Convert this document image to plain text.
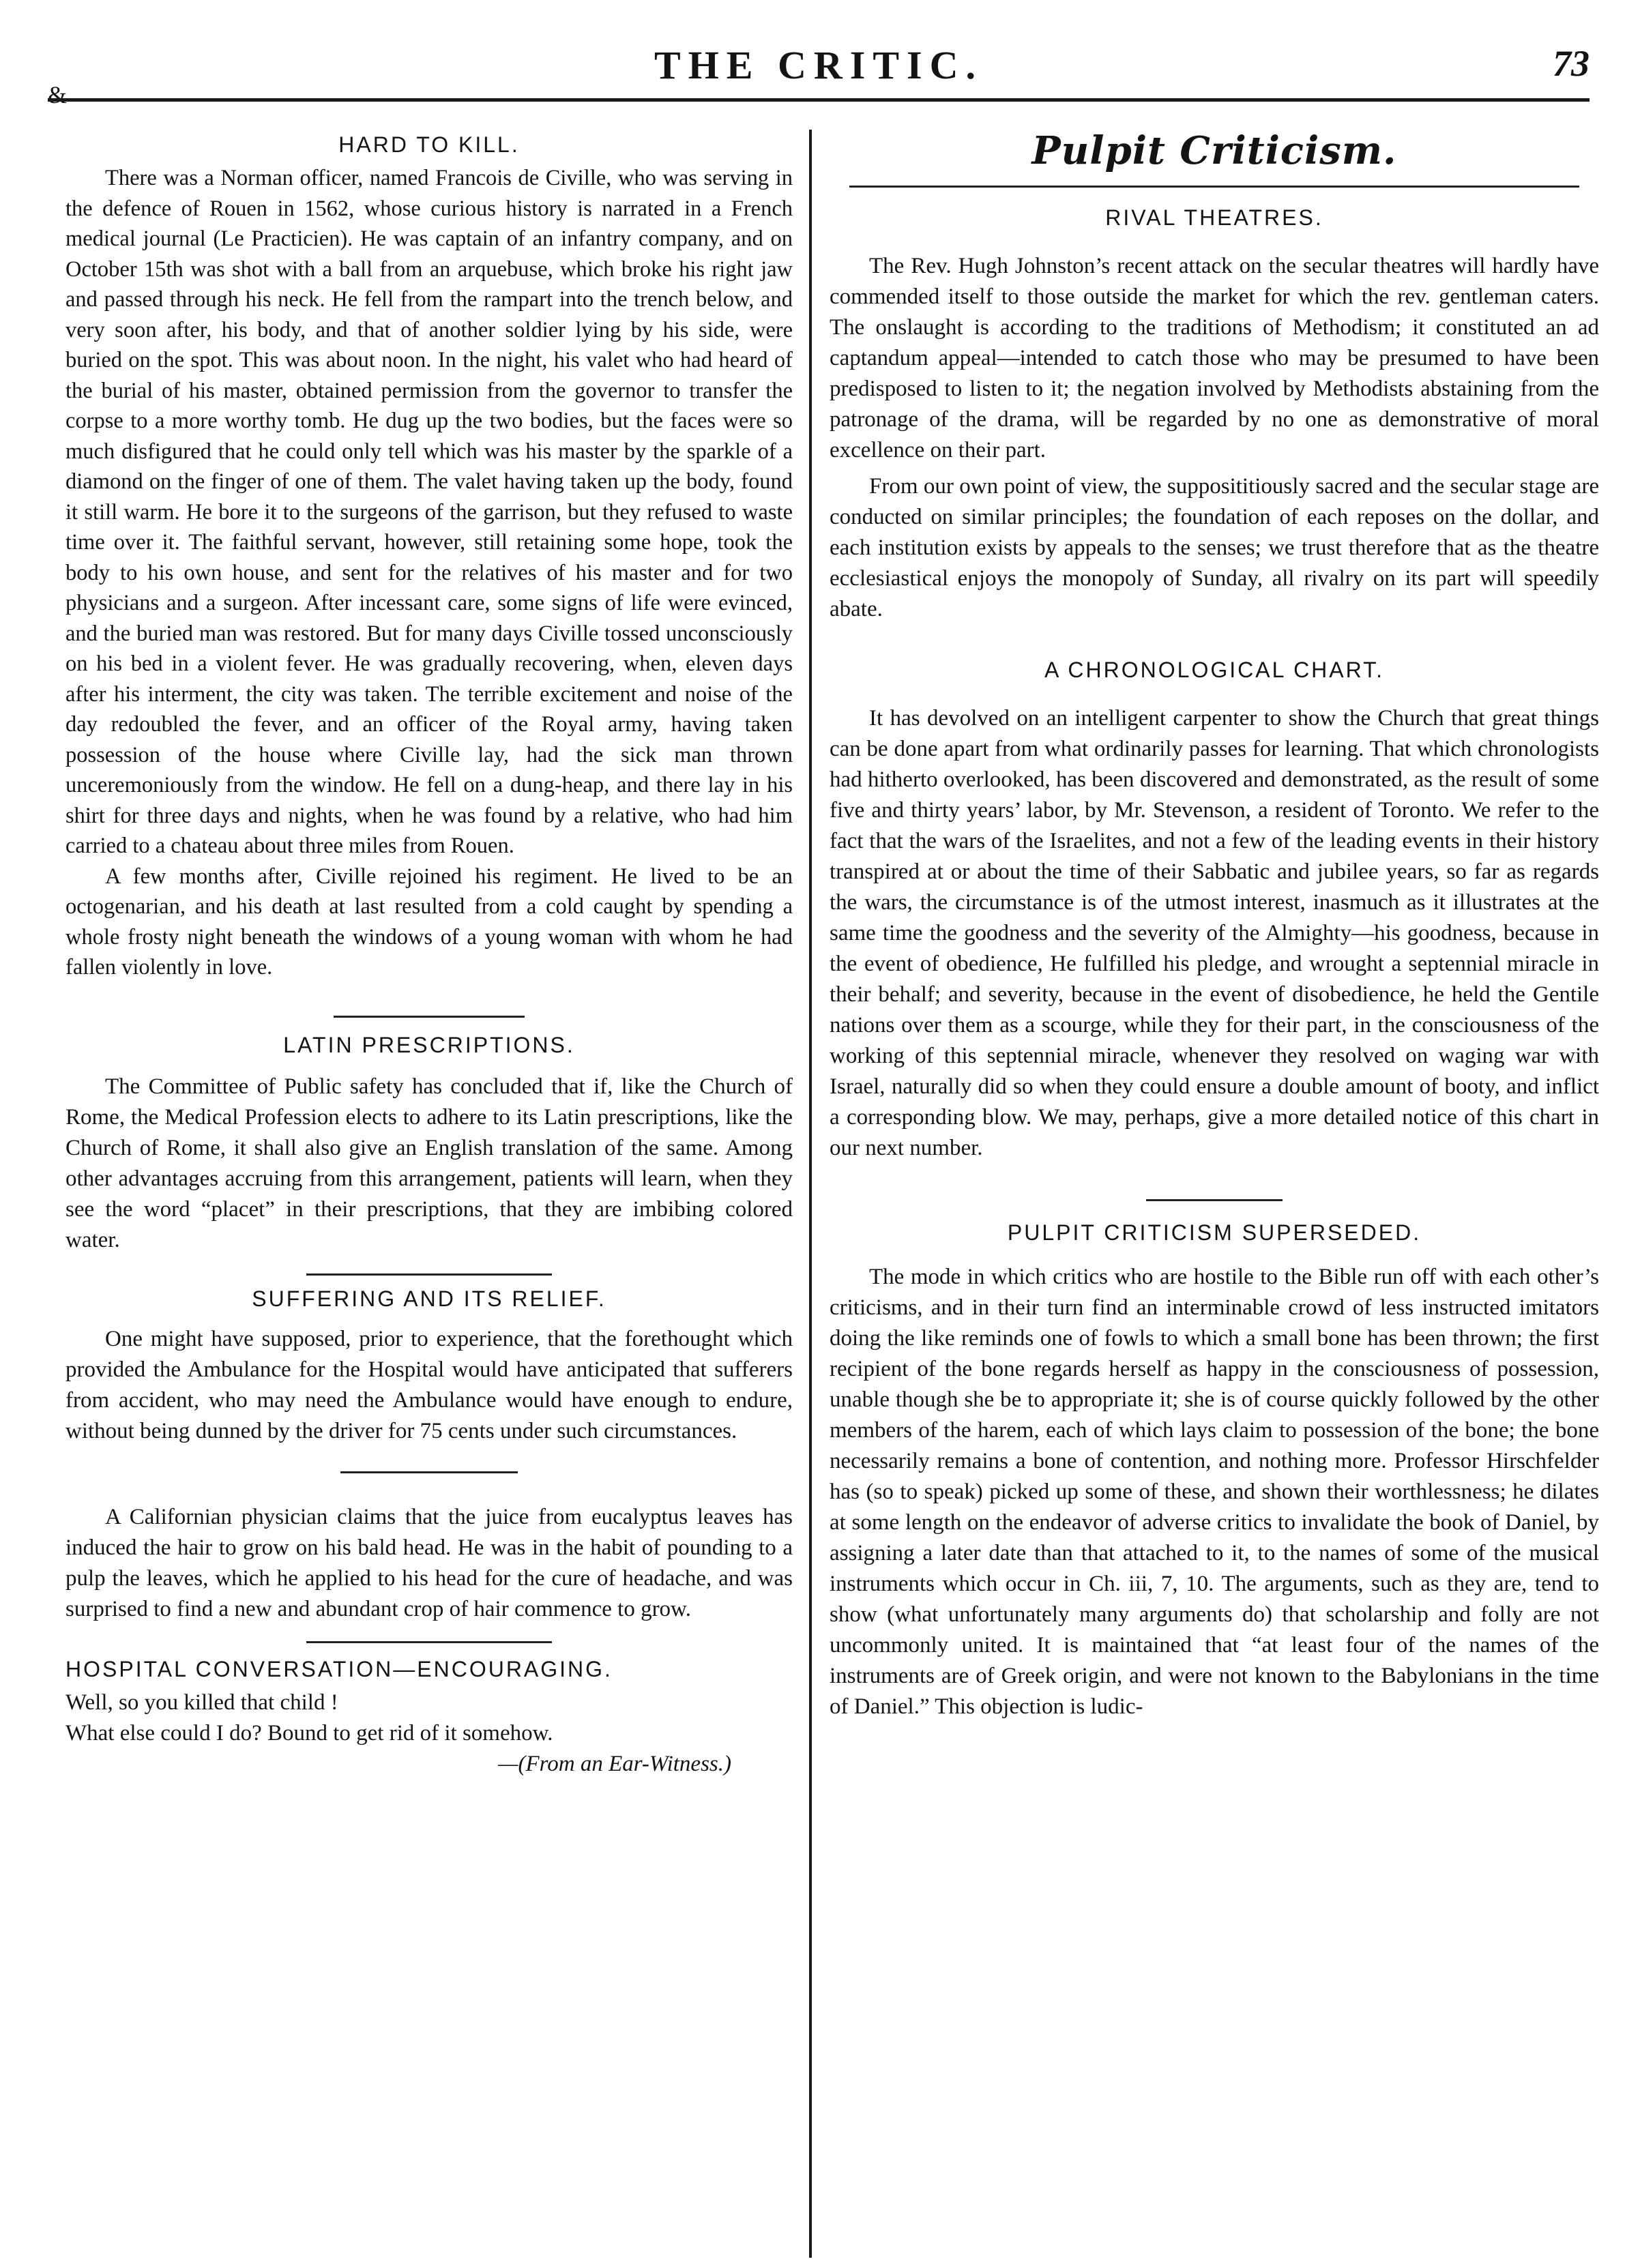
&
THE CRITIC.	73
HARD TO KILL.

There was a Norman officer, named Francois de Civille, who was serving in the defence of Rouen in 1562, whose curious history is narrated in a French medical journal (Le Practicien). He was captain of an infantry company, and on October 15th was shot with a ball from an arquebuse, which broke his right jaw and passed through his neck. He fell from the rampart into the trench below, and very soon after, his body, and that of another soldier lying by his side, were buried on the spot. This was about noon. In the night, his valet who had heard of the burial of his master, obtained permission from the governor to transfer the corpse to a more worthy tomb. He dug up the two bodies, but the faces were so much disfigured that he could only tell which was his master by the sparkle of a diamond on the finger of one of them. The valet having taken up the body, found it still warm. He bore it to the surgeons of the garrison, but they refused to waste time over it. The faithful servant, however, still retaining some hope, took the body to his own house, and sent for the relatives of his master and for two physicians and a surgeon. After incessant care, some signs of life were evinced, and the buried man was restored. But for many days Civille tossed unconsciously on his bed in a violent fever. He was gradually recovering, when, eleven days after his interment, the city was taken. The terrible excitement and noise of the day redoubled the fever, and an officer of the Royal army, having taken possession of the house where Civille lay, had the sick man thrown unceremoniously from the window. He fell on a dung-heap, and there lay in his shirt for three days and nights, when he was found by a relative, who had him carried to a chateau about three miles from Rouen.

A few months after, Civille rejoined his regiment. He lived to be an octogenarian, and his death at last resulted from a cold caught by spending a whole frosty night beneath the windows of a young woman with whom he had fallen violently in love.

LATIN PRESCRIPTIONS.

The Committee of Public safety has concluded that if, like the Church of Rome, the Medical Profession elects to adhere to its Latin prescriptions, like the Church of Rome, it shall also give an English translation of the same. Among other advantages accruing from this arrangement, patients will learn, when they see the word “placet” in their prescriptions, that they are imbibing colored water.

SUFFERING AND ITS RELIEF.

One might have supposed, prior to experience, that the forethought which provided the Ambulance for the Hospital would have anticipated that sufferers from accident, who may need the Ambulance would have enough to endure, without being dunned by the driver for 75 cents under such circumstances.

A Californian physician claims that the juice from eucalyptus leaves has induced the hair to grow on his bald head. He was in the habit of pounding to a pulp the leaves, which he applied to his head for the cure of headache, and was surprised to find a new and abundant crop of hair commence to grow.

HOSPITAL CONVERSATION—ENCOURAGING.

Well, so you killed that child !

What else could I do? Bound to get rid of it somehow.

—(From an Ear-Witness.)
Pulpit Criticism.
RIVAL THEATRES.

The Rev. Hugh Johnston’s recent attack on the secular theatres will hardly have commended itself to those outside the market for which the rev. gentleman caters. The onslaught is according to the traditions of Methodism; it constituted an ad captandum appeal—intended to catch those who may be presumed to have been predisposed to listen to it; the negation involved by Methodists abstaining from the patronage of the drama, will be regarded by no one as demonstrative of moral excellence on their part.

From our own point of view, the supposititiously sacred and the secular stage are conducted on similar principles; the foundation of each reposes on the dollar, and each institution exists by appeals to the senses; we trust therefore that as the theatre ecclesiastical enjoys the monopoly of Sunday, all rivalry on its part will speedily abate.

A CHRONOLOGICAL CHART.

It has devolved on an intelligent carpenter to show the Church that great things can be done apart from what ordinarily passes for learning. That which chronologists had hitherto overlooked, has been discovered and demonstrated, as the result of some five and thirty years’ labor, by Mr. Stevenson, a resident of Toronto. We refer to the fact that the wars of the Israelites, and not a few of the leading events in their history transpired at or about the time of their Sabbatic and jubilee years, so far as regards the wars, the circumstance is of the utmost interest, inasmuch as it illustrates at the same time the goodness and the severity of the Almighty—his goodness, because in the event of obedience, He fulfilled his pledge, and wrought a septennial miracle in their behalf; and severity, because in the event of disobedience, he held the Gentile nations over them as a scourge, while they for their part, in the consciousness of the working of this septennial miracle, whenever they resolved on waging war with Israel, naturally did so when they could ensure a double amount of booty, and inflict a corresponding blow. We may, perhaps, give a more detailed notice of this chart in our next number.

PULPIT CRITICISM SUPERSEDED.

The mode in which critics who are hostile to the Bible run off with each other’s criticisms, and in their turn find an interminable crowd of less instructed imitators doing the like reminds one of fowls to which a small bone has been thrown; the first recipient of the bone regards herself as happy in the consciousness of possession, unable though she be to appropriate it; she is of course quickly followed by the other members of the harem, each of which lays claim to possession of the bone; the bone necessarily remains a bone of contention, and nothing more. Professor Hirschfelder has (so to speak) picked up some of these, and shown their worthlessness; he dilates at some length on the endeavor of adverse critics to invalidate the book of Daniel, by assigning a later date than that attached to it, to the names of some of the musical instruments which occur in Ch. iii, 7, 10. The arguments, such as they are, tend to show (what unfortunately many arguments do) that scholarship and folly are not uncommonly united. It is maintained that “at least four of the names of the instruments are of Greek origin, and were not known to the Babylonians in the time of Daniel.” This objection is ludic-
